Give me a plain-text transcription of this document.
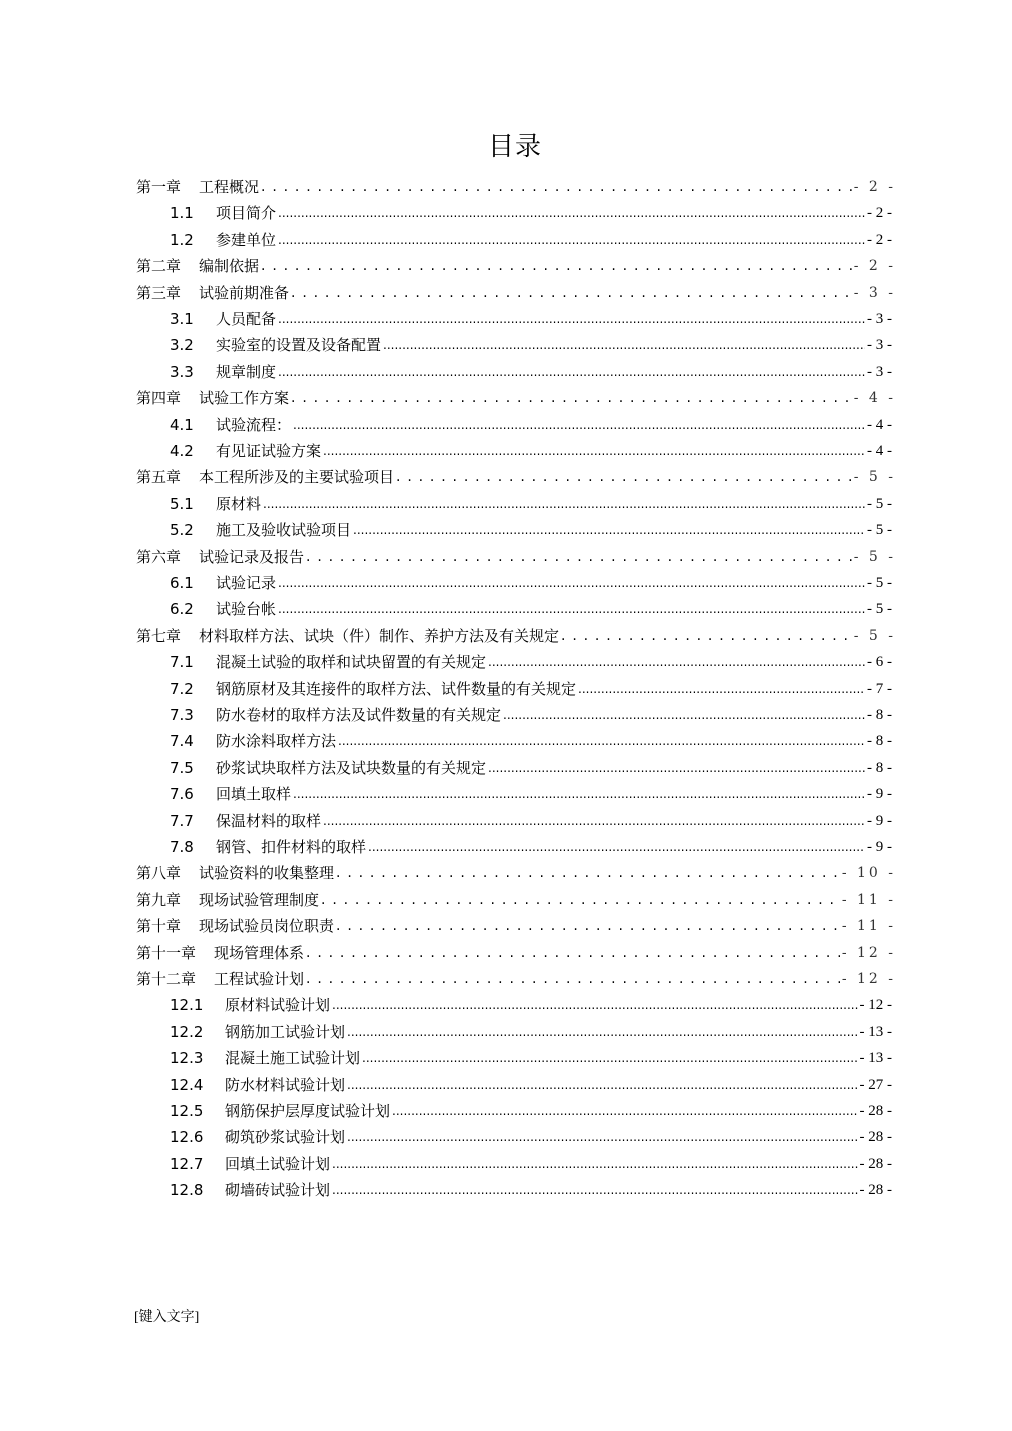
目录
第一章 工程概况 . . .	- 2 -
1.1	项目简介 .....	- 2 -
1.2	参建单位 .....	- 2 -
第二章 编制依据 . . .	- 2 -
第三章 试验前期准备 . . .	- 3 -
3.1	人员配备 .....	- 3 -
3.2	实验室的设置及设备配置 .....	- 3 -
3.3	规章制度 .....	- 3 -
第四章 试验工作方案 . . .	- 4 -
4.1	试验流程： .....	- 4 -
4.2	有见证试验方案 .....	- 4 -
第五章 本工程所涉及的主要试验项目 . . .	- 5 -
5.1	原材料 .....	- 5 -
5.2	施工及验收试验项目 .....	- 5 -
第六章 试验记录及报告 . . .	- 5 -
6.1	试验记录 .....	- 5 -
6.2	试验台帐 .....	- 5 -
第七章 材料取样方法、试块（件）制作、养护方法及有关规定 . . .	- 5 -
7.1	混凝土试验的取样和试块留置的有关规定 .....	- 6 -
7.2	钢筋原材及其连接件的取样方法、试件数量的有关规定 .....	- 7 -
7.3	防水卷材的取样方法及试件数量的有关规定 .....	- 8 -
7.4	防水涂料取样方法 .....	- 8 -
7.5	砂浆试块取样方法及试块数量的有关规定 .....	- 8 -
7.6	回填土取样 .....	- 9 -
7.7	保温材料的取样 .....	- 9 -
7.8	钢管、扣件材料的取样 .....	- 9 -
第八章 试验资料的收集整理 . . .	- 10 -
第九章 现场试验管理制度 . . .	- 11 -
第十章 现场试验员岗位职责 . . .	- 11 -
第十一章 现场管理体系 . . .	- 12 -
第十二章 工程试验计划 . . .	- 12 -
12.1	原材料试验计划 .....	- 12 -
12.2	钢筋加工试验计划 .....	- 13 -
12.3	混凝土施工试验计划 .....	- 13 -
12.4	防水材料试验计划 .....	- 27 -
12.5	钢筋保护层厚度试验计划 .....	- 28 -
12.6	砌筑砂浆试验计划 .....	- 28 -
12.7	回填土试验计划 .....	- 28 -
12.8	砌墙砖试验计划 .....	- 28 -
[键入文字]
